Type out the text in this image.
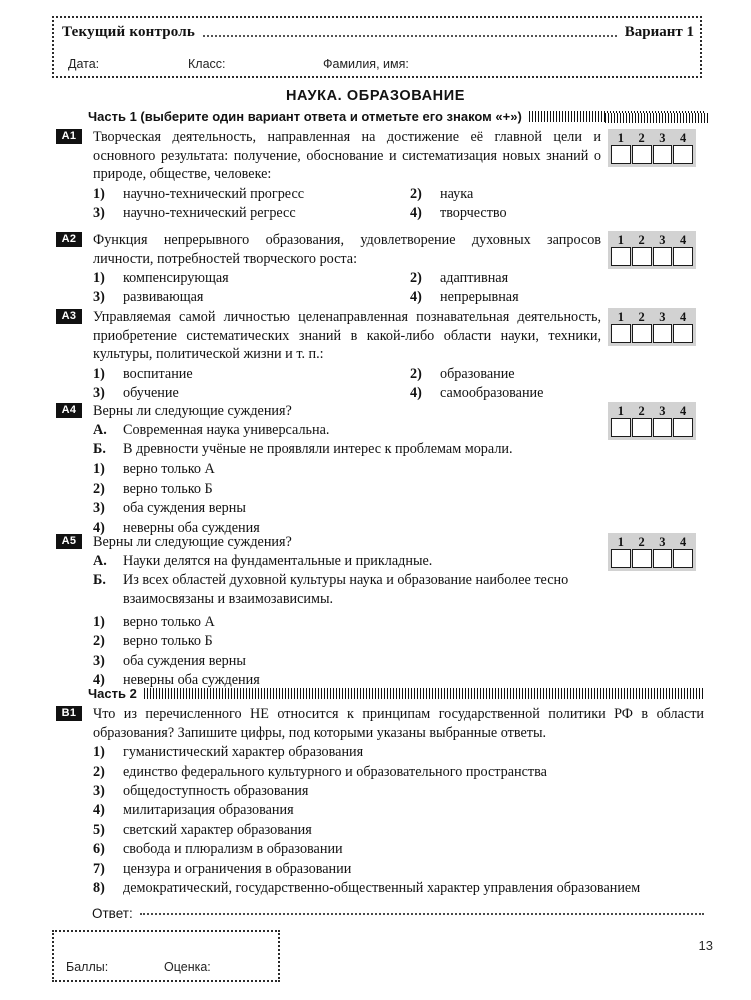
Текущий контроль	Вариант 1
Дата:	Класс:	Фамилия, имя:
НАУКА. ОБРАЗОВАНИЕ
Часть 1 (выберите один вариант ответа и отметьте его знаком «+»)
A1	Творческая деятельность, направленная на достижение её главной цели и основного результата: получение, обоснование и систематизация новых знаний о природе, обществе, человеке:
1)	научно-технический прогресс	2)	наука
3)	научно-технический регресс	4)	творчество
1	2	3	4
A2	Функция непрерывного образования, удовлетворение духовных запросов личности, потребностей творческого роста:
1)	компенсирующая	2)	адаптивная
3)	развивающая	4)	непрерывная
1	2	3	4
A3	Управляемая самой личностью целенаправленная познавательная деятельность, приобретение систематических знаний в какой-либо области науки, техники, культуры, политической жизни и т. п.:
1)	воспитание	2)	образование
3)	обучение	4)	самообразование
1	2	3	4
A4	Верны ли следующие суждения?
А.	Современная наука универсальна.
Б.	В древности учёные не проявляли интерес к проблемам морали.
1)	верно только А
2)	верно только Б
3)	оба суждения верны
4)	неверны оба суждения
1	2	3	4
A5	Верны ли следующие суждения?
А.	Науки делятся на фундаментальные и прикладные.
Б.	Из всех областей духовной культуры наука и образование наиболее тесно взаимосвязаны и взаимозависимы.
1)	верно только А
2)	верно только Б
3)	оба суждения верны
4)	неверны оба суждения
1	2	3	4
Часть 2
B1	Что из перечисленного НЕ относится к принципам государственной политики РФ в области образования? Запишите цифры, под которыми указаны выбранные ответы.
1)	гуманистический характер образования
2)	единство федерального культурного и образовательного пространства
3)	общедоступность образования
4)	милитаризация образования
5)	светский характер образования
6)	свобода и плюрализм в образовании
7)	цензура и ограничения в образовании
8)	демократический, государственно-общественный характер управления образованием
Ответ:
Баллы:	Оценка:
13
